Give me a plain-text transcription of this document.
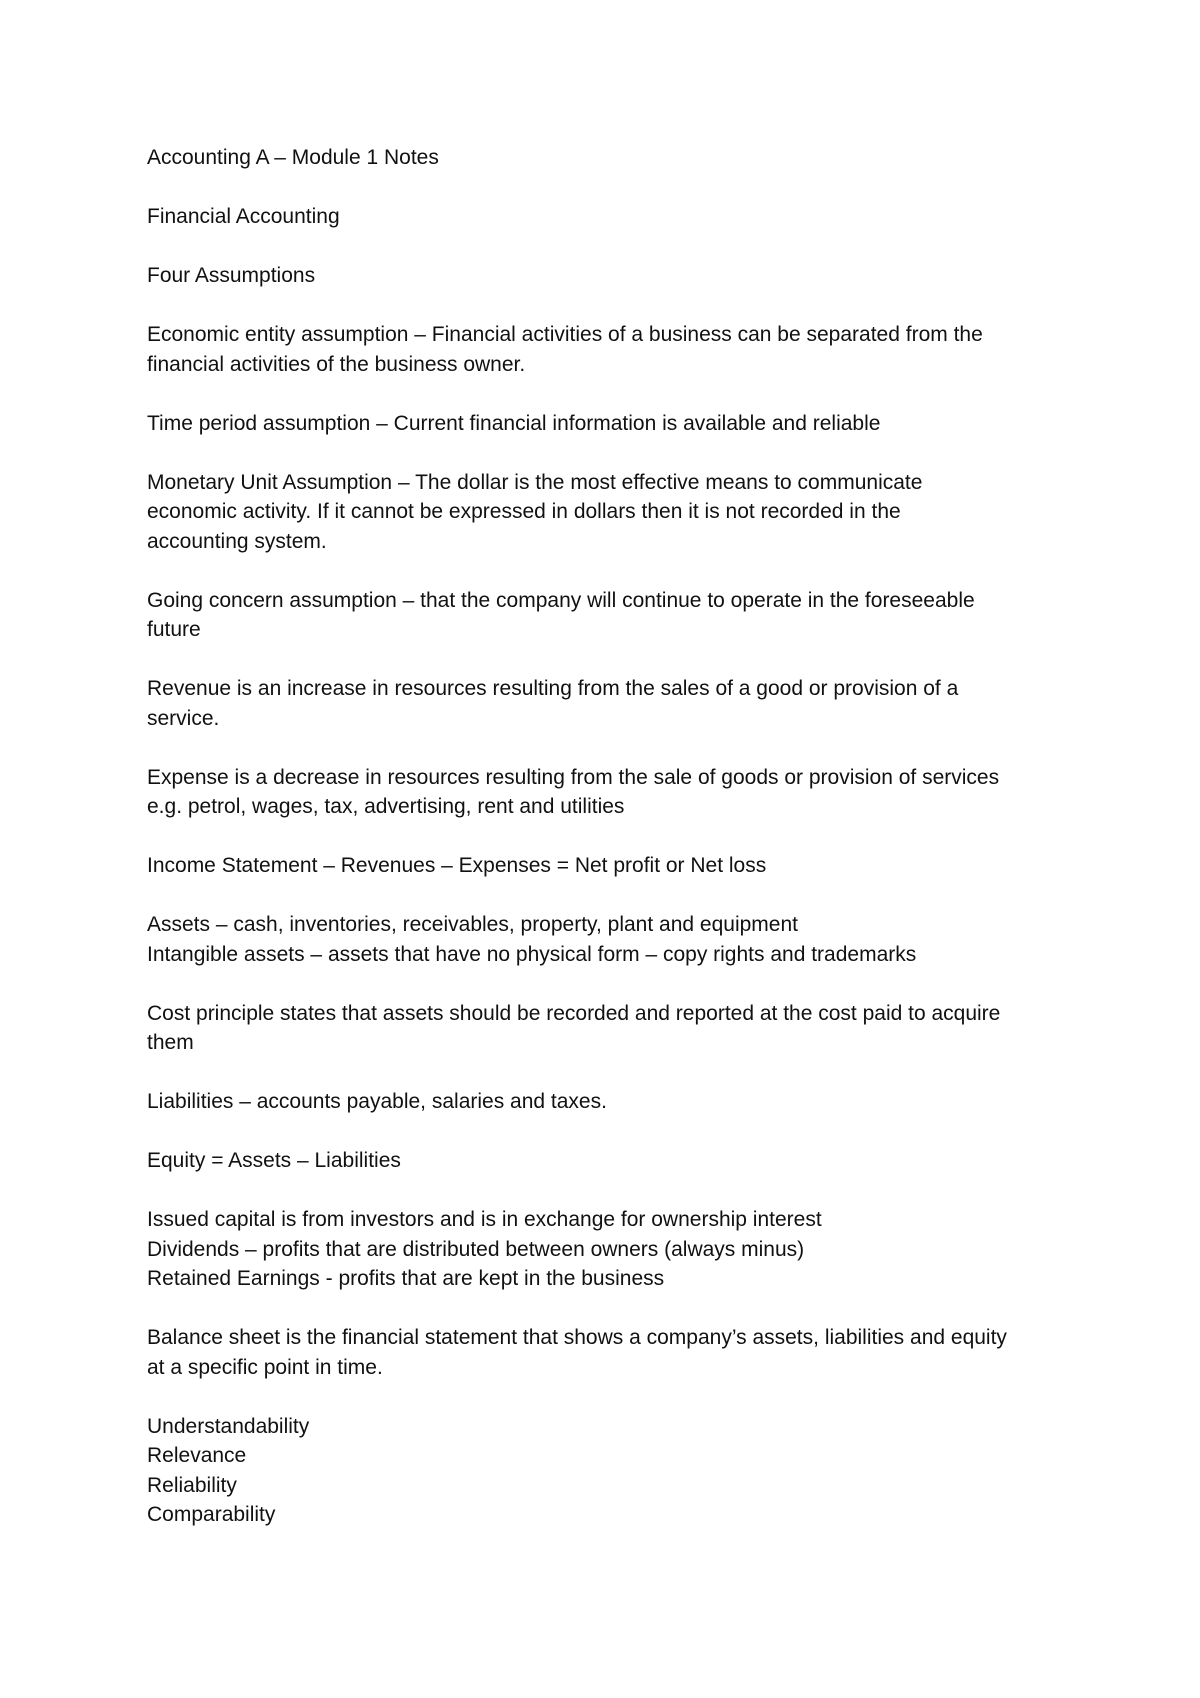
Accounting A – Module 1 Notes

Financial Accounting

Four Assumptions

Economic entity assumption – Financial activities of a business can be separated from the
financial activities of the business owner.

Time period assumption – Current financial information is available and reliable

Monetary Unit Assumption – The dollar is the most effective means to communicate
economic activity. If it cannot be expressed in dollars then it is not recorded in the
accounting system.

Going concern assumption – that the company will continue to operate in the foreseeable
future

Revenue is an increase in resources resulting from the sales of a good or provision of a
service.

Expense is a decrease in resources resulting from the sale of goods or provision of services
e.g. petrol, wages, tax, advertising, rent and utilities

Income Statement – Revenues – Expenses = Net profit or Net loss

Assets – cash, inventories, receivables, property, plant and equipment
Intangible assets – assets that have no physical form – copy rights and trademarks

Cost principle states that assets should be recorded and reported at the cost paid to acquire
them

Liabilities – accounts payable, salaries and taxes.

Equity = Assets – Liabilities

Issued capital is from investors and is in exchange for ownership interest
Dividends – profits that are distributed between owners (always minus)
Retained Earnings - profits that are kept in the business

Balance sheet is the financial statement that shows a company’s assets, liabilities and equity
at a specific point in time.

Understandability
Relevance
Reliability
Comparability
